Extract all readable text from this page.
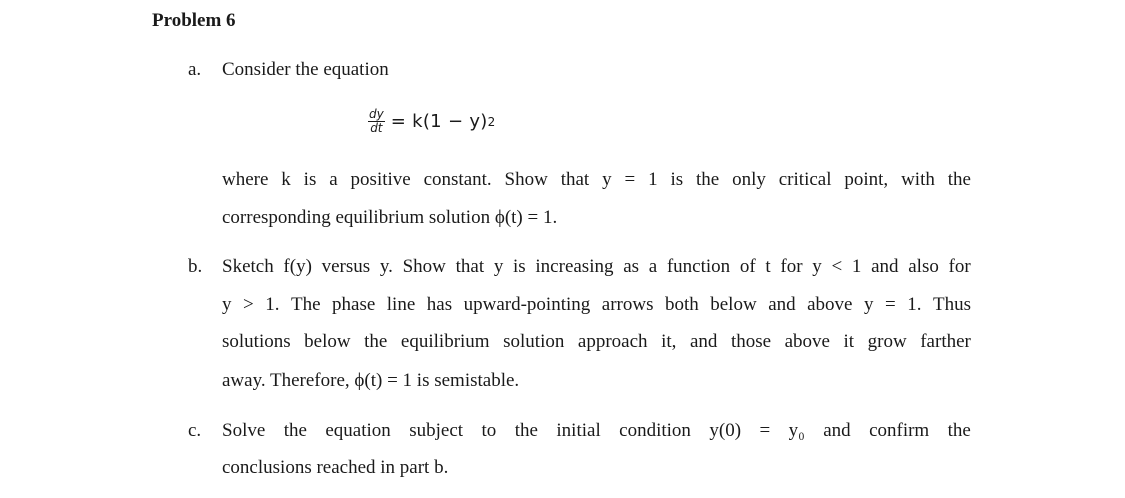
Problem 6
a. Consider the equation
$\frac{dy}{dt} = k(1 - y)$ 2
where k is a positive constant. Show that y = 1 is the only critical point, with the
corresponding equilibrium solution ϕ(t) = 1.
b. Sketch f(y) versus y. Show that y is increasing as a function of t for y < 1 and also for
y > 1. The phase line has upward-pointing arrows both below and above y = 1. Thus
solutions below the equilibrium solution approach it, and those above it grow farther
away. Therefore, ϕ(t) = 1 is semistable.
c. Solve the equation subject to the initial condition y(0) = y₀ and confirm the
conclusions reached in part b.
